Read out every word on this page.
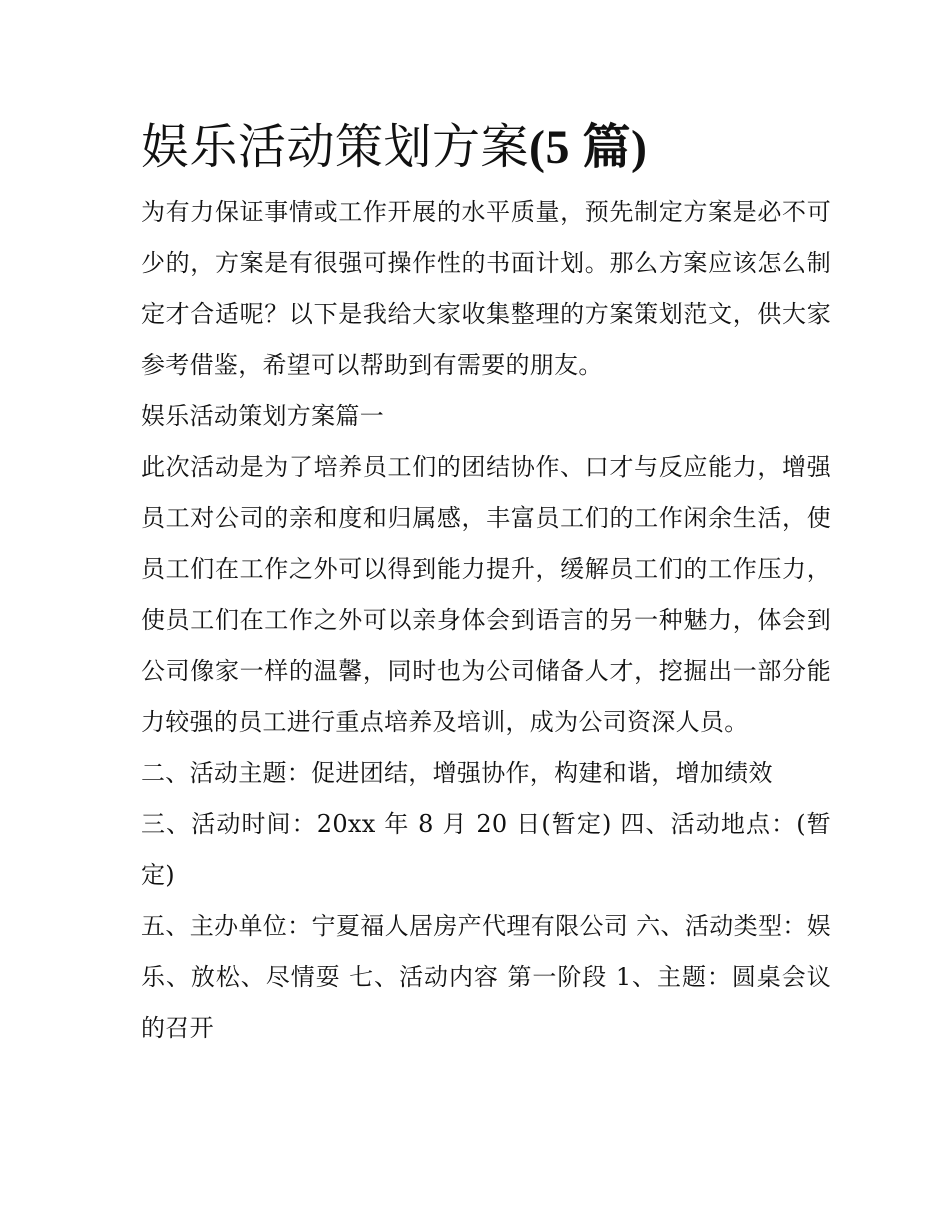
娱乐活动策划方案(5 篇)

为有力保证事情或工作开展的水平质量，预先制定方案是必不可少的，方案是有很强可操作性的书面计划。那么方案应该怎么制定才合适呢？以下是我给大家收集整理的方案策划范文，供大家参考借鉴，希望可以帮助到有需要的朋友。

娱乐活动策划方案篇一

此次活动是为了培养员工们的团结协作、口才与反应能力，增强员工对公司的亲和度和归属感，丰富员工们的工作闲余生活，使员工们在工作之外可以得到能力提升，缓解员工们的工作压力，使员工们在工作之外可以亲身体会到语言的另一种魅力，体会到公司像家一样的温馨，同时也为公司储备人才，挖掘出一部分能力较强的员工进行重点培养及培训，成为公司资深人员。

二、活动主题：促进团结，增强协作，构建和谐，增加绩效

三、活动时间：20xx 年 8 月 20 日(暂定) 四、活动地点：(暂定)

五、主办单位：宁夏福人居房产代理有限公司 六、活动类型：娱乐、放松、尽情耍 七、活动内容 第一阶段 1、主题：圆桌会议的召开
